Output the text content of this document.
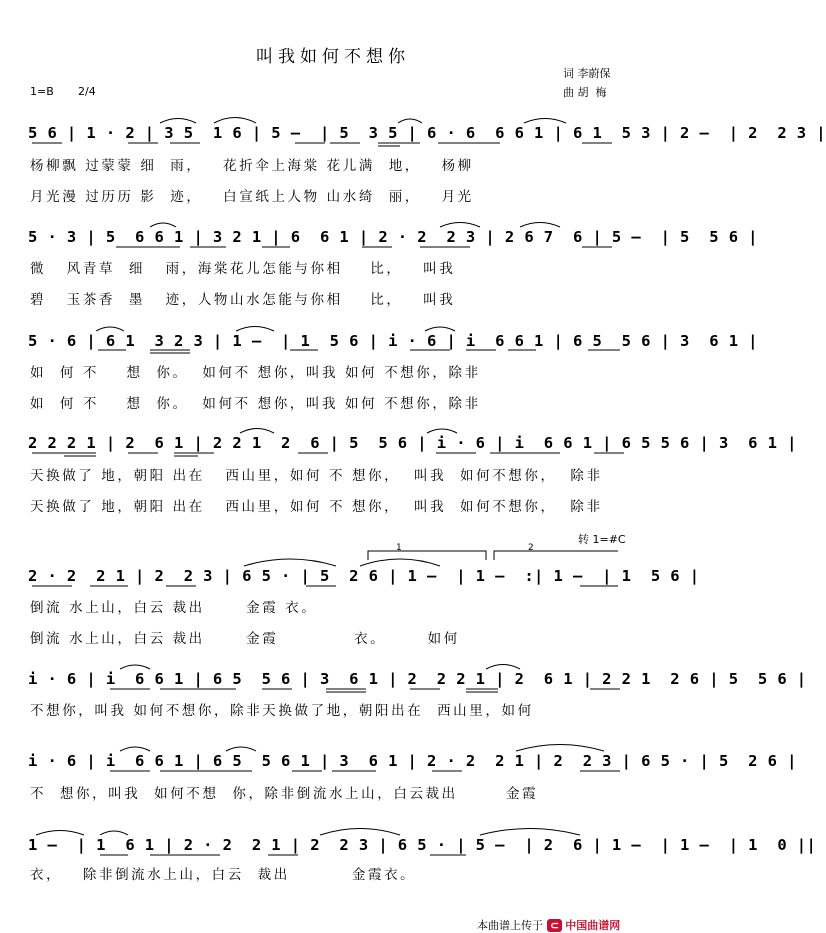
叫我如何不想你
词 李蔚保
曲 胡  梅
1=B 2/4
5 6 | 1 · 2 | 3 5  1 6 | 5 –  | 5  3 5 | 6 · 6  6 6 1 | 6 1  5 3 | 2 –  | 2  2 3 |
杨柳飘 过蒙蒙 细  雨，   花折伞上海棠 花儿满  地，   杨柳
月光漫 过历历 影  迹，   白宣纸上人物 山水绮  丽，   月光
5 · 3 | 5  6 6 1 | 3 2 1 | 6  6 1 | 2 · 2  2 3 | 2 6 7  6 | 5 –  | 5  5 6 |
微   风青草  细   雨，海棠花儿怎能与你相    比，   叫我
碧   玉茶香  墨   迹，人物山水怎能与你相    比，   叫我
5 · 6 | 6 1  3 2 3 | 1 –  | 1  5 6 | i · 6 | i  6 6 1 | 6 5  5 6 | 3  6 1 |
如  何 不    想  你。  如何不 想你，叫我 如何 不想你，除非
如  何 不    想  你。  如何不 想你，叫我 如何 不想你，除非
2 2 2 1 | 2  6 1 | 2 2 1  2  6 | 5  5 6 | i · 6 | i  6 6 1 | 6 5 5 6 | 3  6 1 |
天换做了 地，朝阳 出在   西山里，如何 不 想你，  叫我  如何不想你，  除非
天换做了 地，朝阳 出在   西山里，如何 不 想你，  叫我  如何不想你，  除非
转 1=#C
2 · 2  2 1 | 2  2 3 | 6 5 · | 5  2 6 | 1 –  | 1 –  :| 1 –  | 1  5 6 |
倒流 水上山，白云 裁出      金霞 衣。
倒流 水上山，白云 裁出      金霞           衣。      如何
i · 6 | i  6 6 1 | 6 5  5 6 | 3  6 1 | 2  2 2 1 | 2  6 1 | 2 2 1  2 6 | 5  5 6 |
不想你，叫我 如何不想你，除非天换做了地，朝阳出在  西山里，如何
i · 6 | i  6 6 1 | 6 5  5 6 1 | 3  6 1 | 2 · 2  2 1 | 2  2 3 | 6 5 · | 5  2 6 |
不  想你，叫我  如何不想  你，除非倒流水上山，白云裁出       金霞
1 –  | 1  6 1 | 2 · 2  2 1 | 2  2 3 | 6 5 · | 5 –  | 2  6 | 1 –  | 1 –  | 1  0 ||
衣，   除非倒流水上山，白云  裁出         金霞衣。
1	2

本曲谱上传于 ⊂ 中国曲谱网
